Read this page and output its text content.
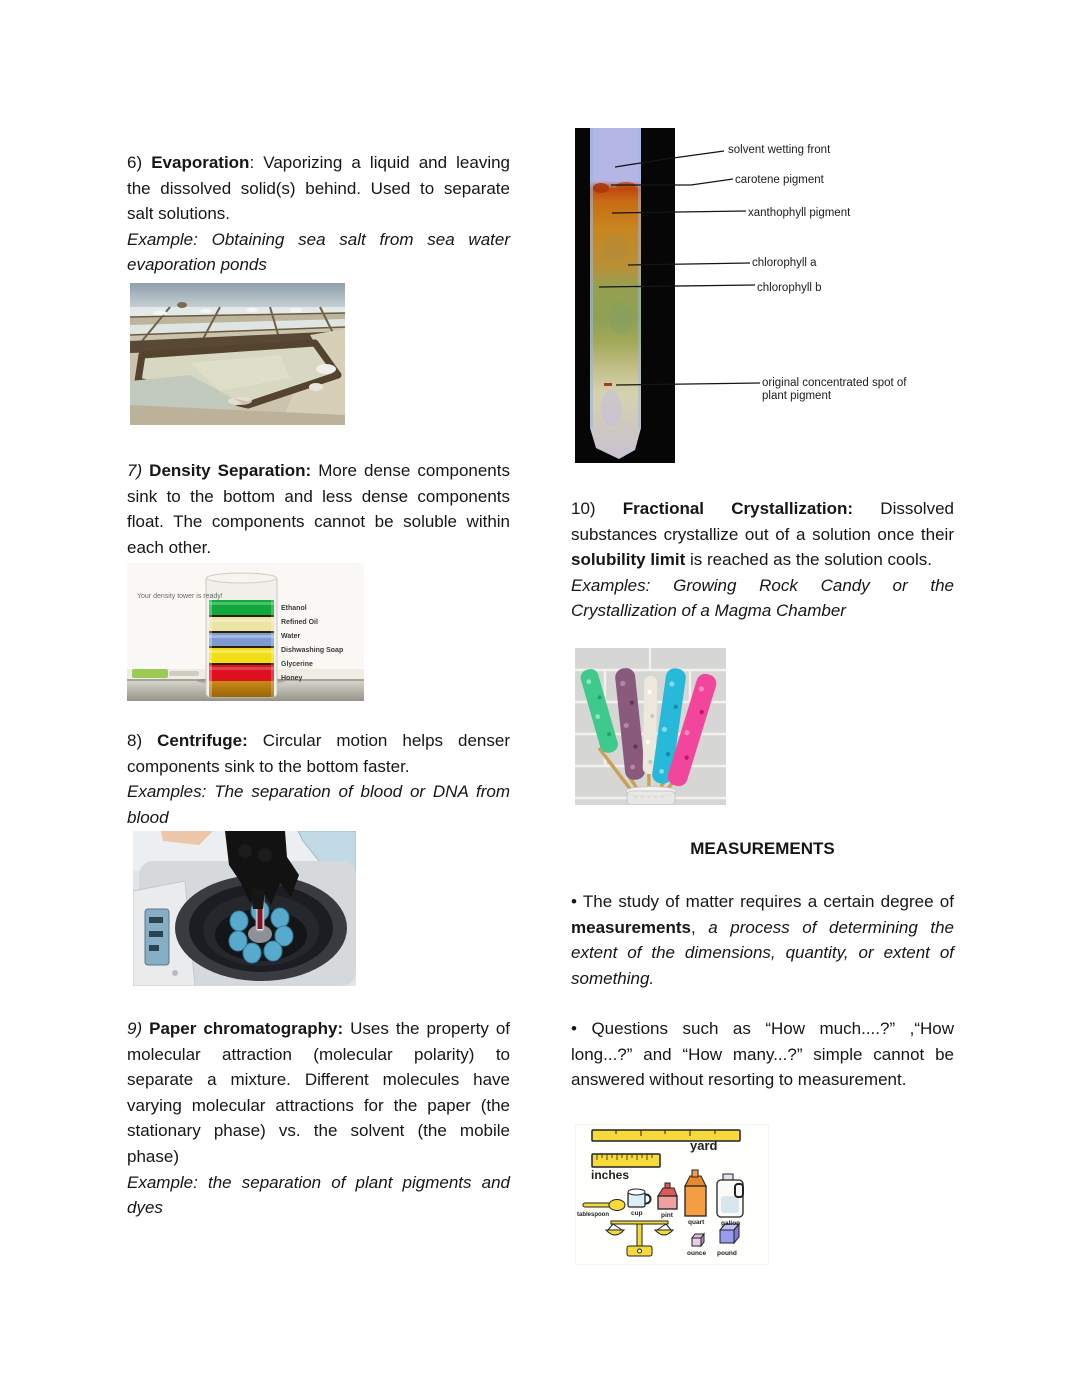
6) Evaporation: Vaporizing a liquid and leaving the dissolved solid(s) behind. Used to separate salt solutions.
Example: Obtaining sea salt from sea water evaporation ponds
7) Density Separation: More dense components sink to the bottom and less dense components float. The components cannot be soluble within each other.
Your density tower is ready!
Ethanol
Refined Oil
Water
Dishwashing Soap
Glycerine
Honey
8) Centrifuge: Circular motion helps denser components sink to the bottom faster.
Examples: The separation of blood or DNA from blood
9) Paper chromatography: Uses the property of molecular attraction (molecular polarity) to separate a mixture. Different molecules have varying molecular attractions for the paper (the stationary phase) vs. the solvent (the mobile phase)
Example: the separation of plant pigments and dyes
solvent wetting front
carotene pigment
xanthophyll pigment
chlorophyll a
chlorophyll b
original concentrated spot of plant pigment
10) Fractional Crystallization: Dissolved substances crystallize out of a solution once their solubility limit is reached as the solution cools.
Examples: Growing Rock Candy or the Crystallization of a Magma Chamber
MEASUREMENTS
• The study of matter requires a certain degree of measurements, a process of determining the extent of the dimensions, quantity, or extent of something.
• Questions such as “How much....?” ,“How long...?” and “How many...?” simple cannot be answered without resorting to measurement.
yard
inches
tablespoon	cup	pint
quart	gallon
ounce pound
